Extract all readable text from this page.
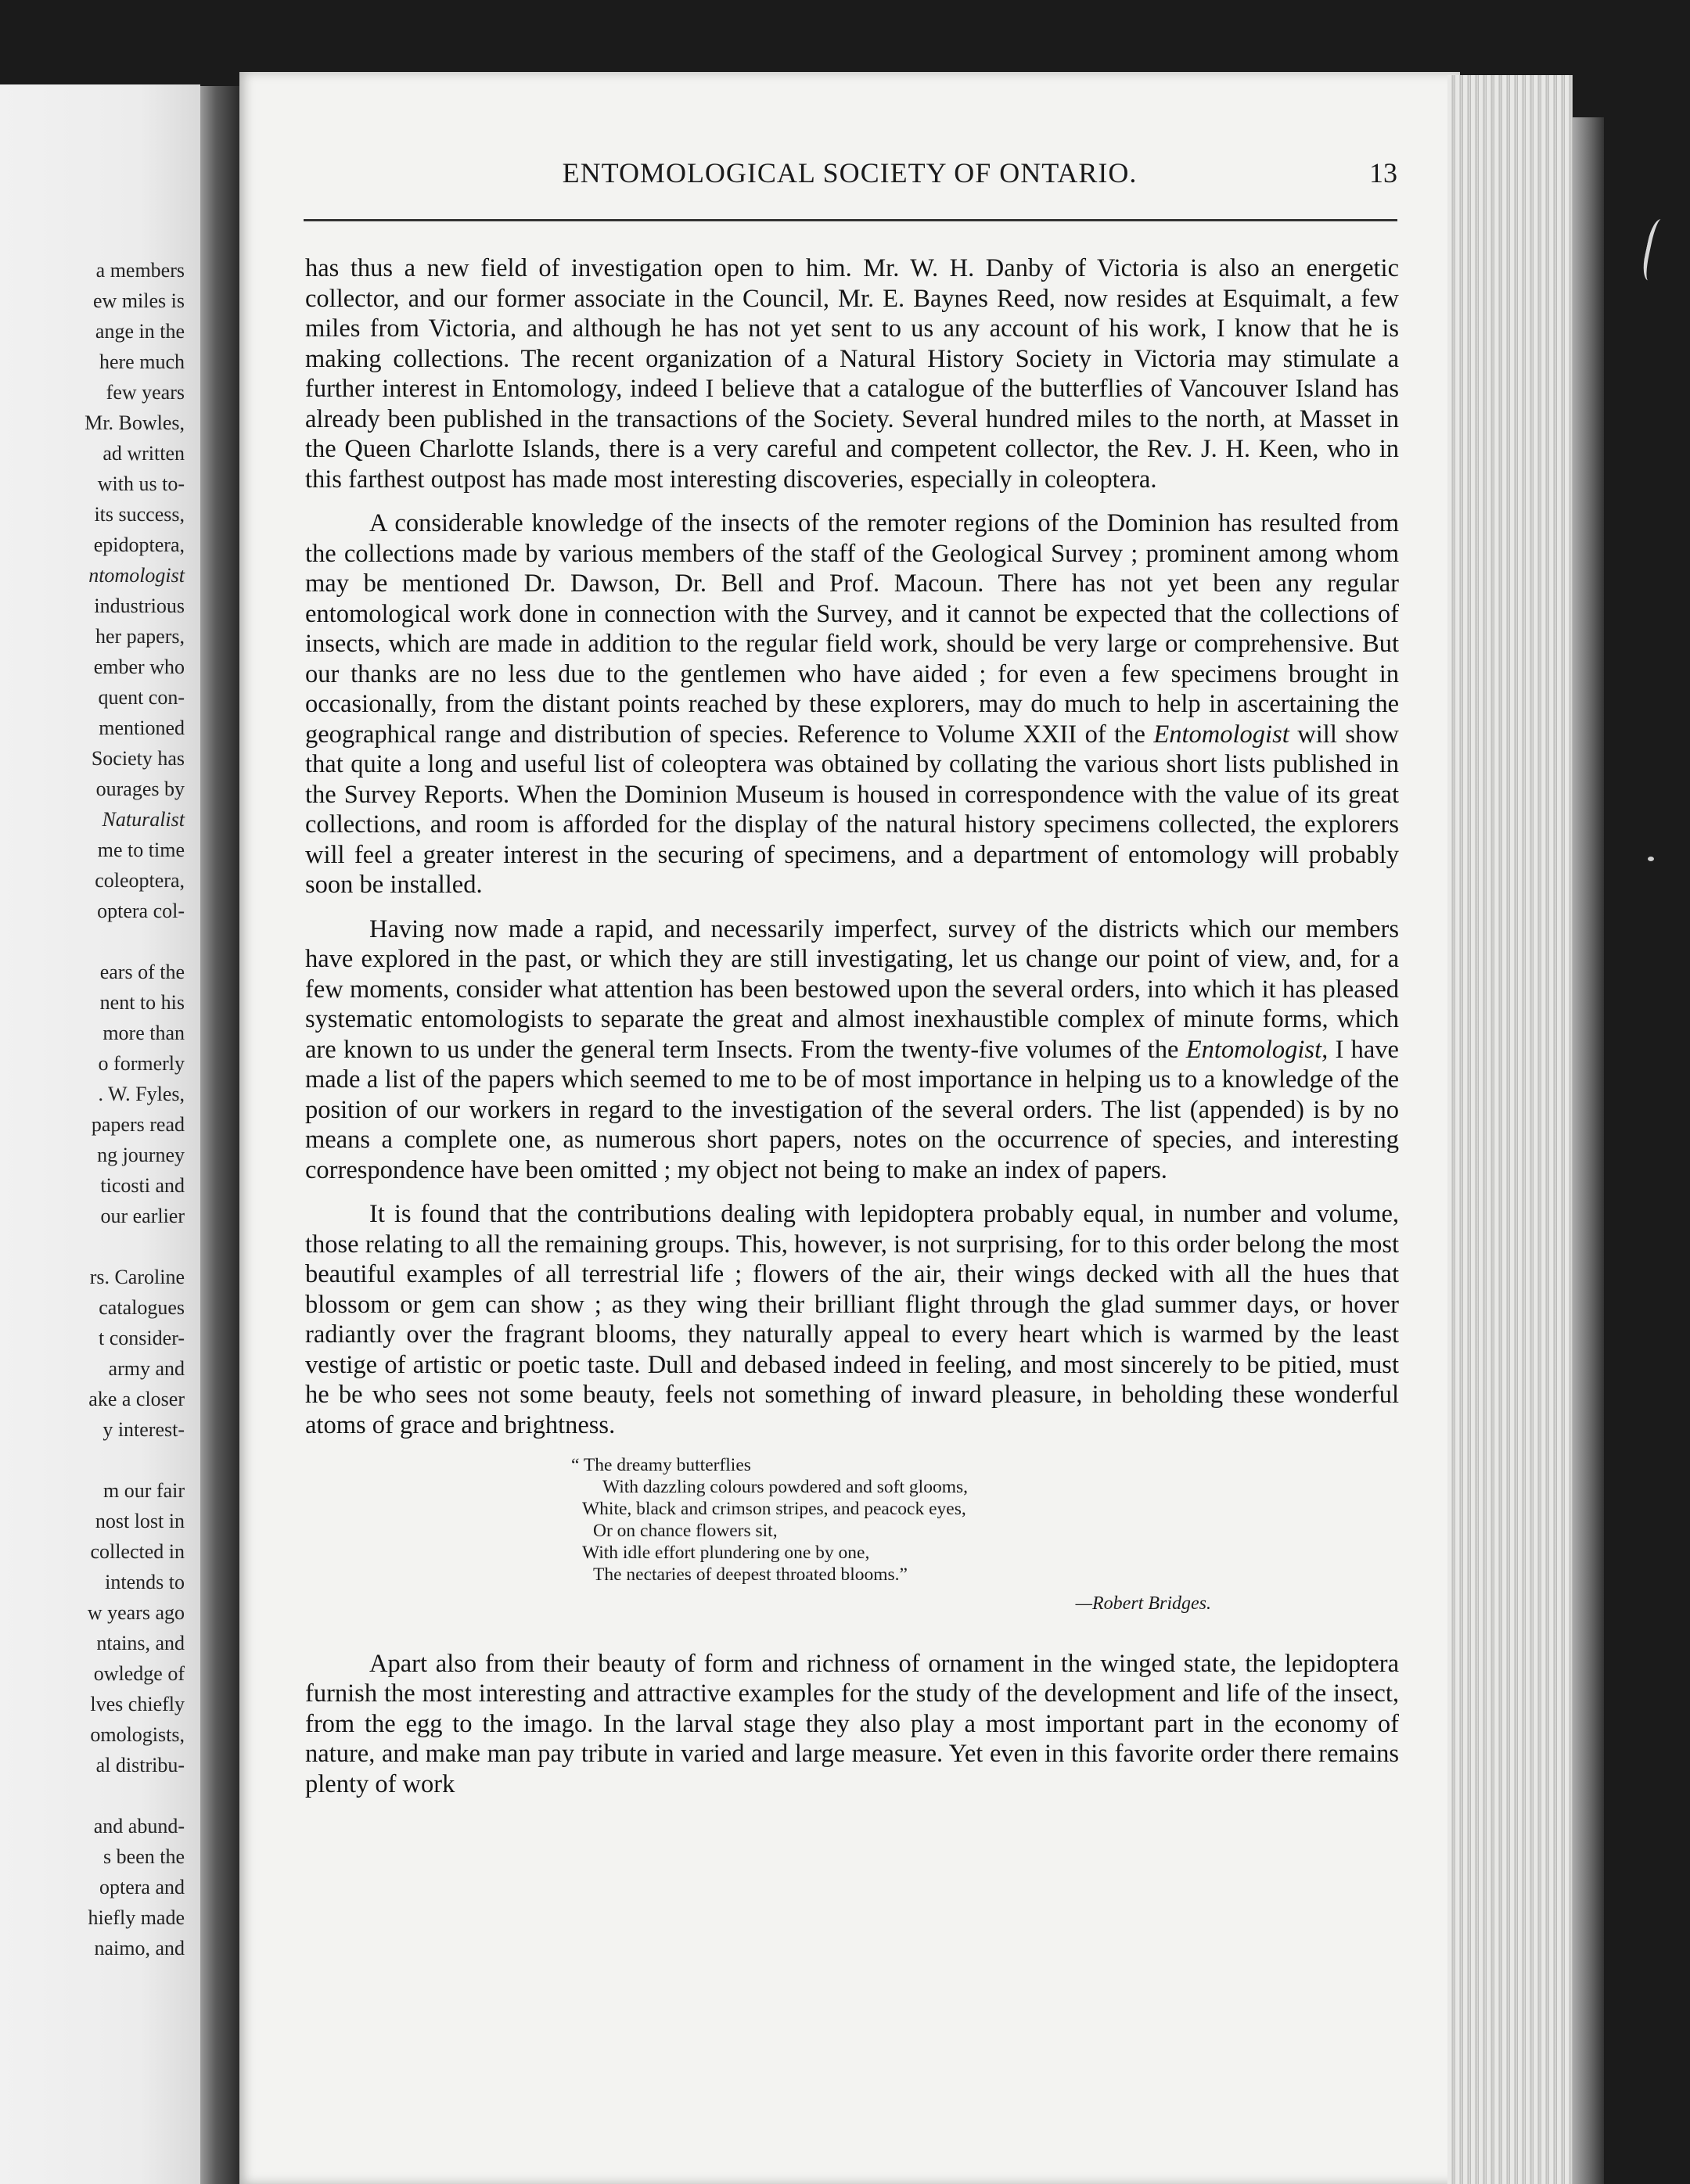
a members
ew miles is
ange in the
here much
few years
Mr. Bowles,
ad written
with us to-
its success,
epidoptera,
ntomologist
industrious
her papers,
ember who
quent con-
mentioned
Society has
ourages by
Naturalist
me to time
coleoptera,
optera col-
ears of the
nent to his
more than
o formerly
. W. Fyles,
papers read
ng journey
ticosti and
our earlier
rs. Caroline
catalogues
t consider-
army and
ake a closer
y interest-
m our fair
nost lost in
collected in
intends to
w years ago
ntains, and
owledge of
lves chiefly
omologists,
al distribu-
and abund-
s been the
optera and
hiefly made
naimo, and
ENTOMOLOGICAL SOCIETY OF ONTARIO.	13

has thus a new field of investigation open to him. Mr. W. H. Danby of Victoria is also an energetic collector, and our former associate in the Council, Mr. E. Baynes Reed, now resides at Esquimalt, a few miles from Victoria, and although he has not yet sent to us any account of his work, I know that he is making collections. The recent organization of a Natural History Society in Victoria may stimulate a further interest in Entomology, indeed I believe that a catalogue of the butterflies of Vancouver Island has already been published in the transactions of the Society. Several hundred miles to the north, at Masset in the Queen Charlotte Islands, there is a very careful and competent collector, the Rev. J. H. Keen, who in this farthest outpost has made most interesting discoveries, especially in coleoptera.

A considerable knowledge of the insects of the remoter regions of the Dominion has resulted from the collections made by various members of the staff of the Geological Survey ; prominent among whom may be mentioned Dr. Dawson, Dr. Bell and Prof. Macoun. There has not yet been any regular entomological work done in connection with the Survey, and it cannot be expected that the collections of insects, which are made in addition to the regular field work, should be very large or comprehensive. But our thanks are no less due to the gentlemen who have aided ; for even a few specimens brought in occasionally, from the distant points reached by these explorers, may do much to help in ascertaining the geographical range and distribution of species. Reference to Volume XXII of the Entomologist will show that quite a long and useful list of coleoptera was obtained by collating the various short lists published in the Survey Reports. When the Dominion Museum is housed in correspondence with the value of its great collections, and room is afforded for the display of the natural history specimens collected, the explorers will feel a greater interest in the securing of specimens, and a department of entomology will probably soon be installed.

Having now made a rapid, and necessarily imperfect, survey of the districts which our members have explored in the past, or which they are still investigating, let us change our point of view, and, for a few moments, consider what attention has been bestowed upon the several orders, into which it has pleased systematic entomologists to separate the great and almost inexhaustible complex of minute forms, which are known to us under the general term Insects. From the twenty-five volumes of the Entomologist, I have made a list of the papers which seemed to me to be of most importance in helping us to a knowledge of the position of our workers in regard to the investigation of the several orders. The list (appended) is by no means a complete one, as numerous short papers, notes on the occurrence of species, and interesting correspondence have been omitted ; my object not being to make an index of papers.

It is found that the contributions dealing with lepidoptera probably equal, in number and volume, those relating to all the remaining groups. This, however, is not surprising, for to this order belong the most beautiful examples of all terrestrial life ; flowers of the air, their wings decked with all the hues that blossom or gem can show ; as they wing their brilliant flight through the glad summer days, or hover radiantly over the fragrant blooms, they naturally appeal to every heart which is warmed by the least vestige of artistic or poetic taste. Dull and debased indeed in feeling, and most sincerely to be pitied, must he be who sees not some beauty, feels not something of inward pleasure, in beholding these wonderful atoms of grace and brightness.

“ The dreamy butterflies
With dazzling colours powdered and soft glooms,
White, black and crimson stripes, and peacock eyes,
Or on chance flowers sit,
With idle effort plundering one by one,
The nectaries of deepest throated blooms.”
—Robert Bridges.

Apart also from their beauty of form and richness of ornament in the winged state, the lepidoptera furnish the most interesting and attractive examples for the study of the development and life of the insect, from the egg to the imago. In the larval stage they also play a most important part in the economy of nature, and make man pay tribute in varied and large measure. Yet even in this favorite order there remains plenty of work
